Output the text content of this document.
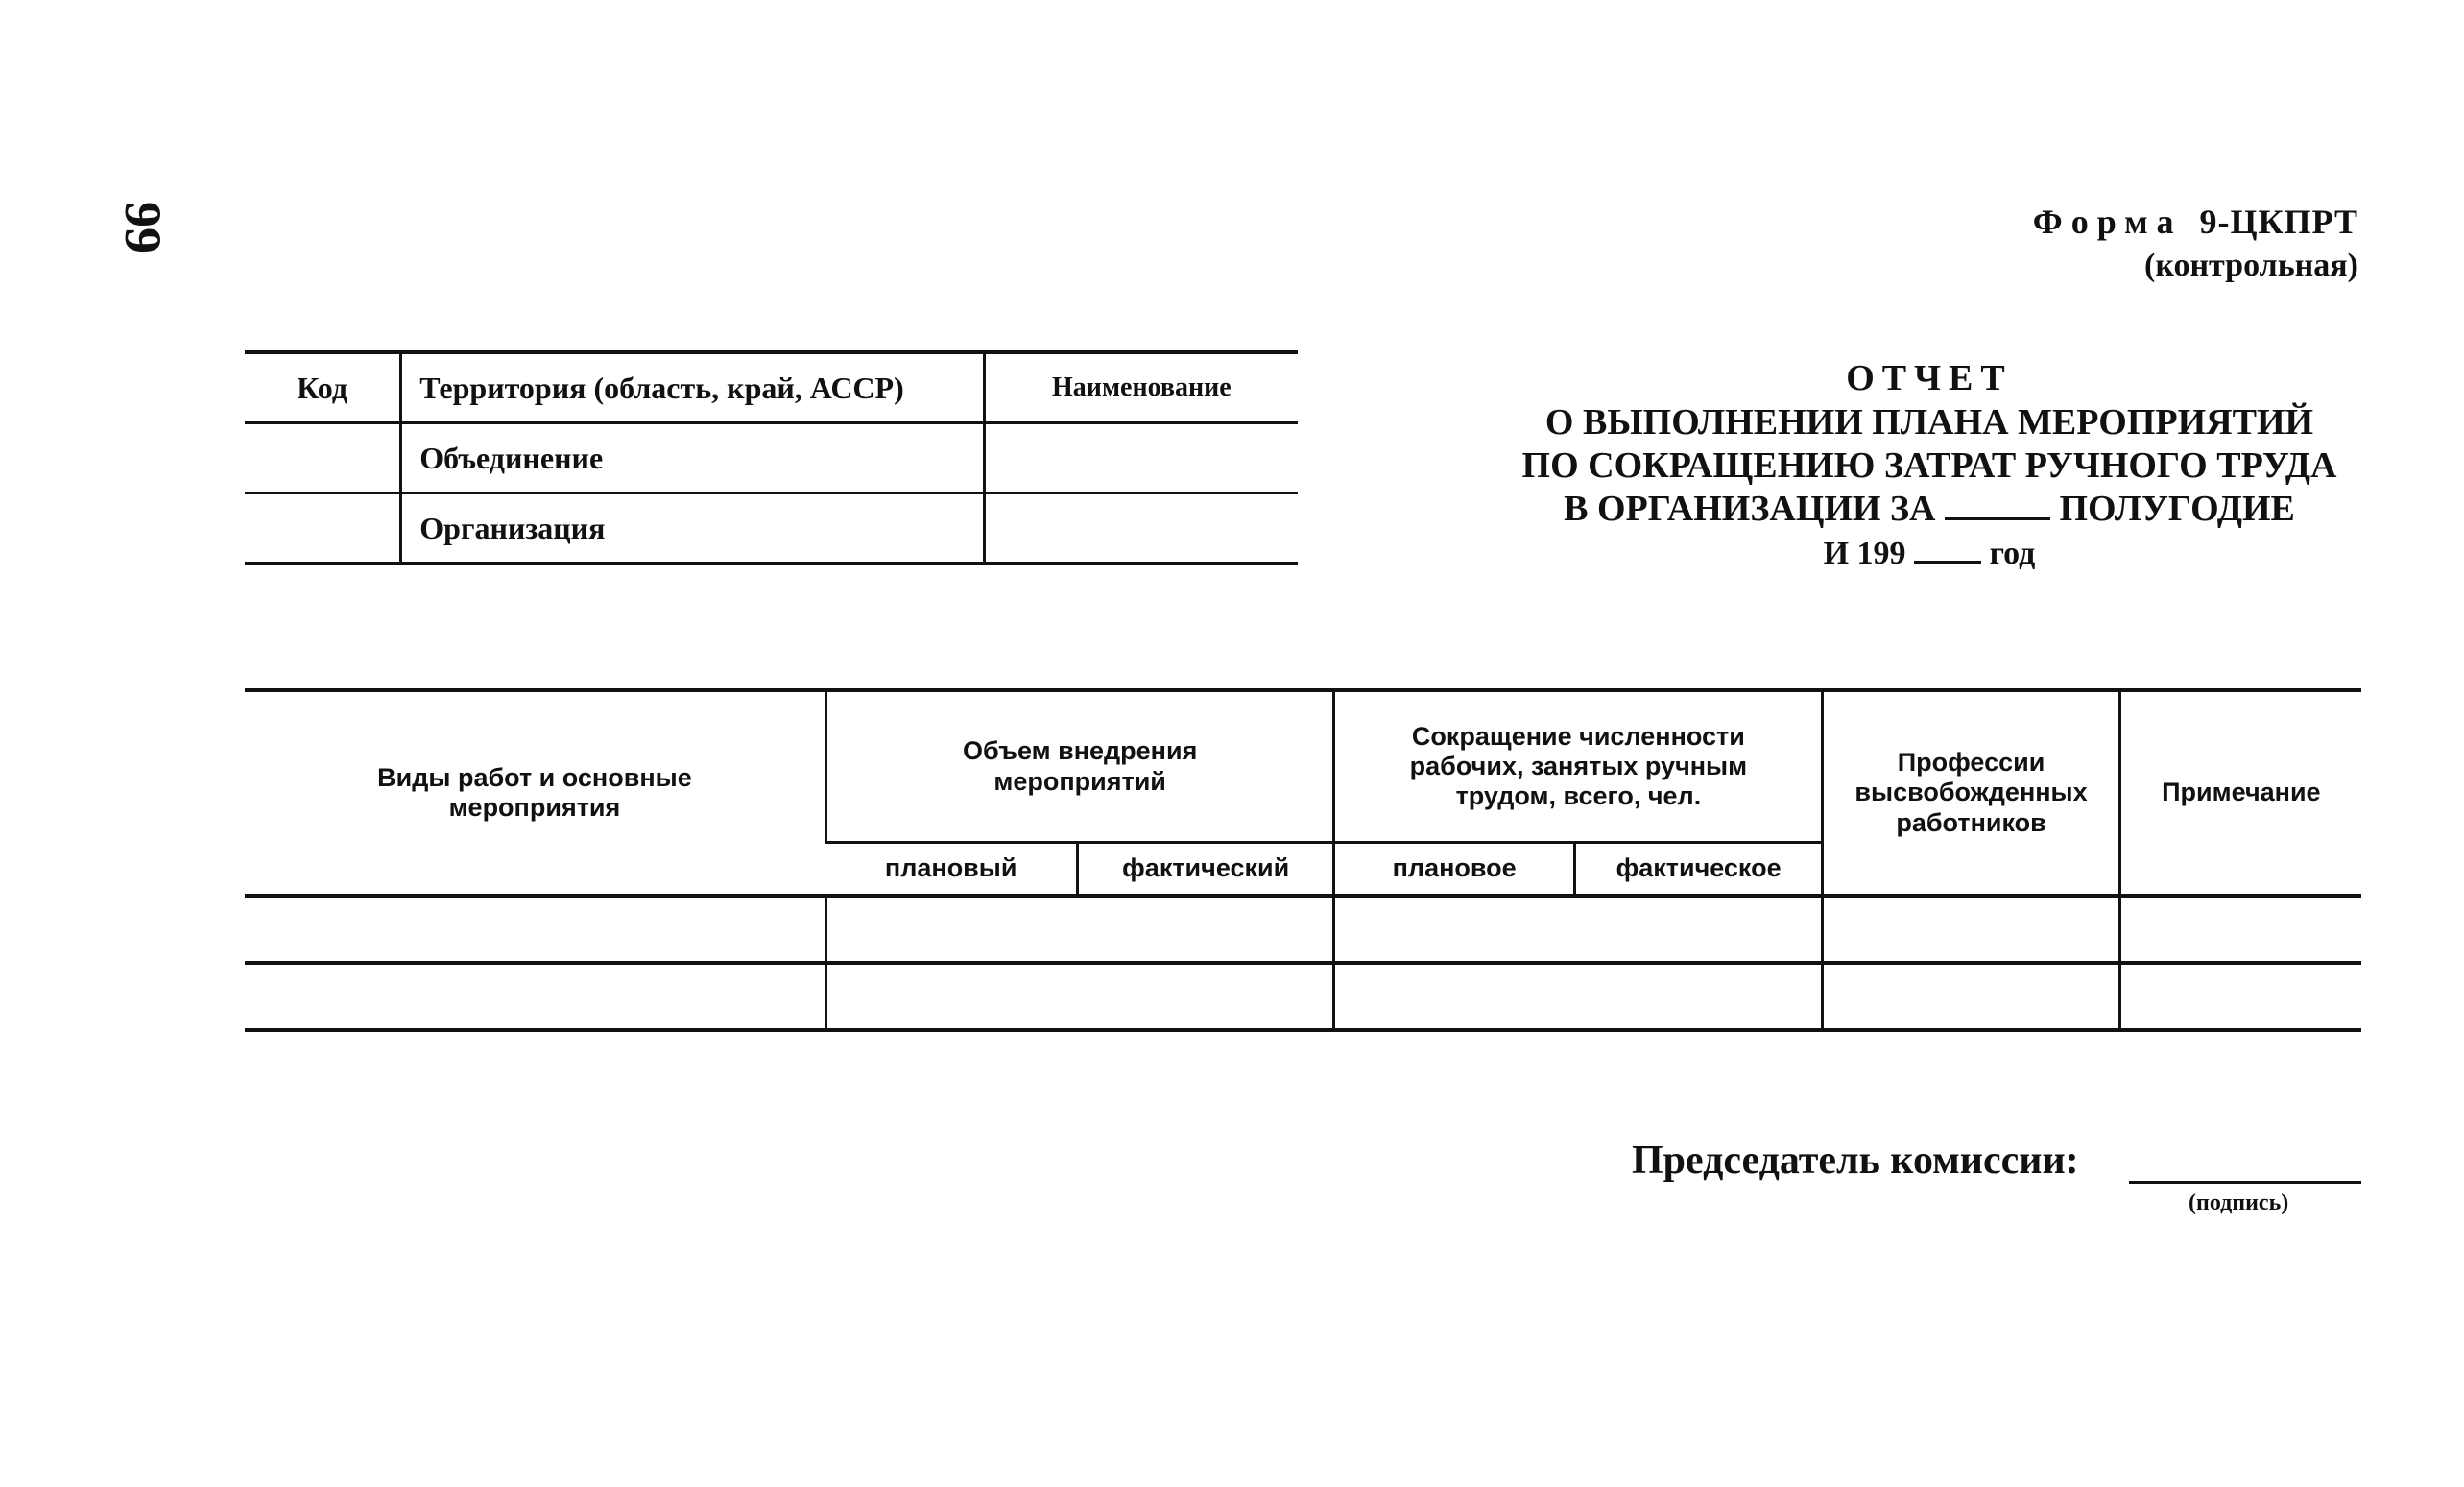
99	Форма 9-ЦКПРТ
(контрольная)
ОТЧЕТ
О ВЫПОЛНЕНИИ ПЛАНА МЕРОПРИЯТИЙ
ПО СОКРАЩЕНИЮ ЗАТРАТ РУЧНОГО ТРУДА
В ОРГАНИЗАЦИИ ЗА	ПОЛУГОДИЕ
И 199	год
Код	Территория (область, край, АССР)	Наименование
	Объединение	
	Организация	
Виды работ и основные мероприятия	Объем внедрения мероприятий		Сокращение численности рабочих, занятых ручным трудом, всего, чел.		Профессии высвобожденных работников	Примечание
	плановый	фактический	плановое	фактическое		

Председатель комиссии:
(подпись)
